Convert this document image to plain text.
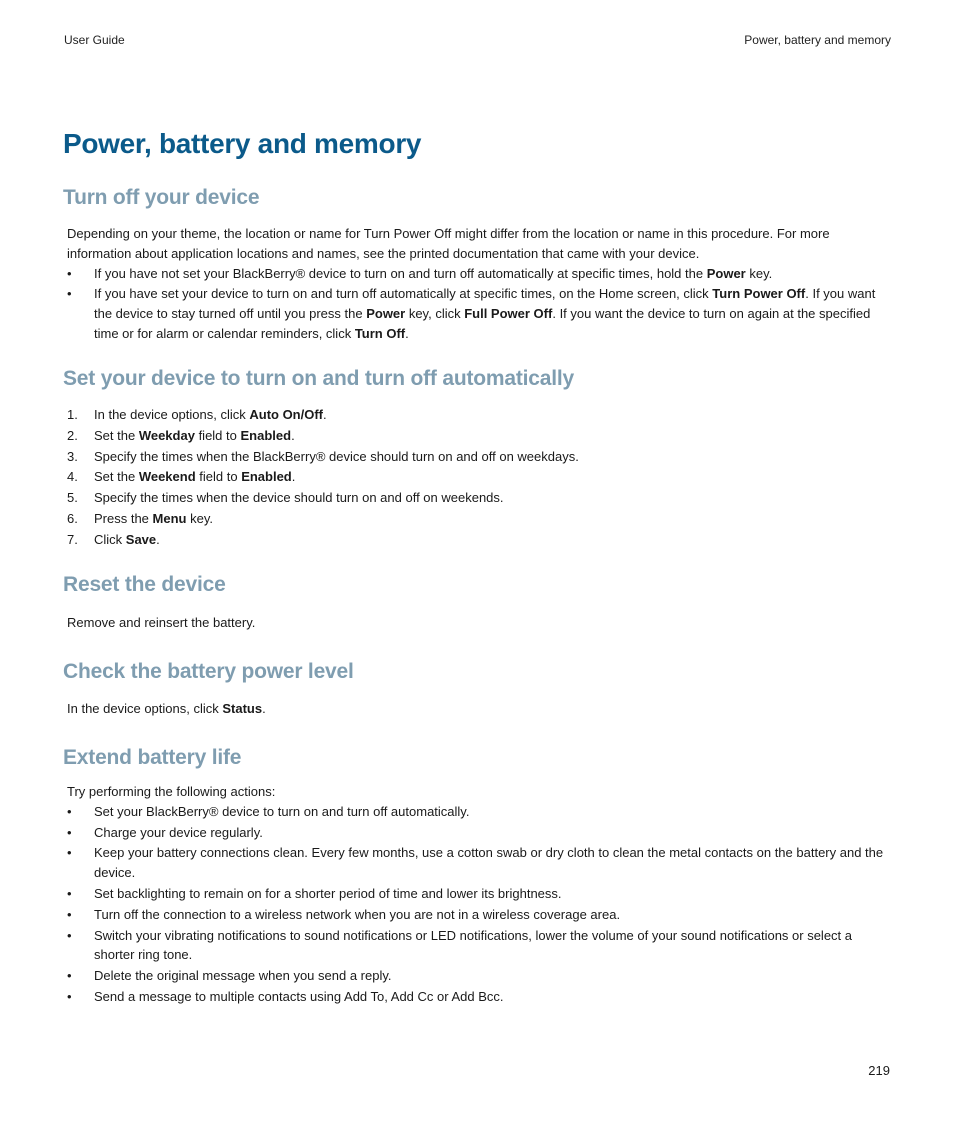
User Guide	Power, battery and memory
Power, battery and memory
Turn off your device

Depending on your theme, the location or name for Turn Power Off might differ from the location or name in this procedure. For more information about application locations and names, see the printed documentation that came with your device.

• If you have not set your BlackBerry® device to turn on and turn off automatically at specific times, hold the Power key.
• If you have set your device to turn on and turn off automatically at specific times, on the Home screen, click Turn Power Off. If you want the device to stay turned off until you press the Power key, click Full Power Off. If you want the device to turn on again at the specified time or for alarm or calendar reminders, click Turn Off.
Set your device to turn on and turn off automatically
1. In the device options, click Auto On/Off.
2. Set the Weekday field to Enabled.
3. Specify the times when the BlackBerry® device should turn on and off on weekdays.
4. Set the Weekend field to Enabled.
5. Specify the times when the device should turn on and off on weekends.
6. Press the Menu key.
7. Click Save.
Reset the device

Remove and reinsert the battery.

Check the battery power level

In the device options, click Status.

Extend battery life

Try performing the following actions:

• Set your BlackBerry® device to turn on and turn off automatically.
• Charge your device regularly.
• Keep your battery connections clean. Every few months, use a cotton swab or dry cloth to clean the metal contacts on the battery and the device.
• Set backlighting to remain on for a shorter period of time and lower its brightness.
• Turn off the connection to a wireless network when you are not in a wireless coverage area.
• Switch your vibrating notifications to sound notifications or LED notifications, lower the volume of your sound notifications or select a shorter ring tone.
• Delete the original message when you send a reply.
• Send a message to multiple contacts using Add To, Add Cc or Add Bcc.
219
